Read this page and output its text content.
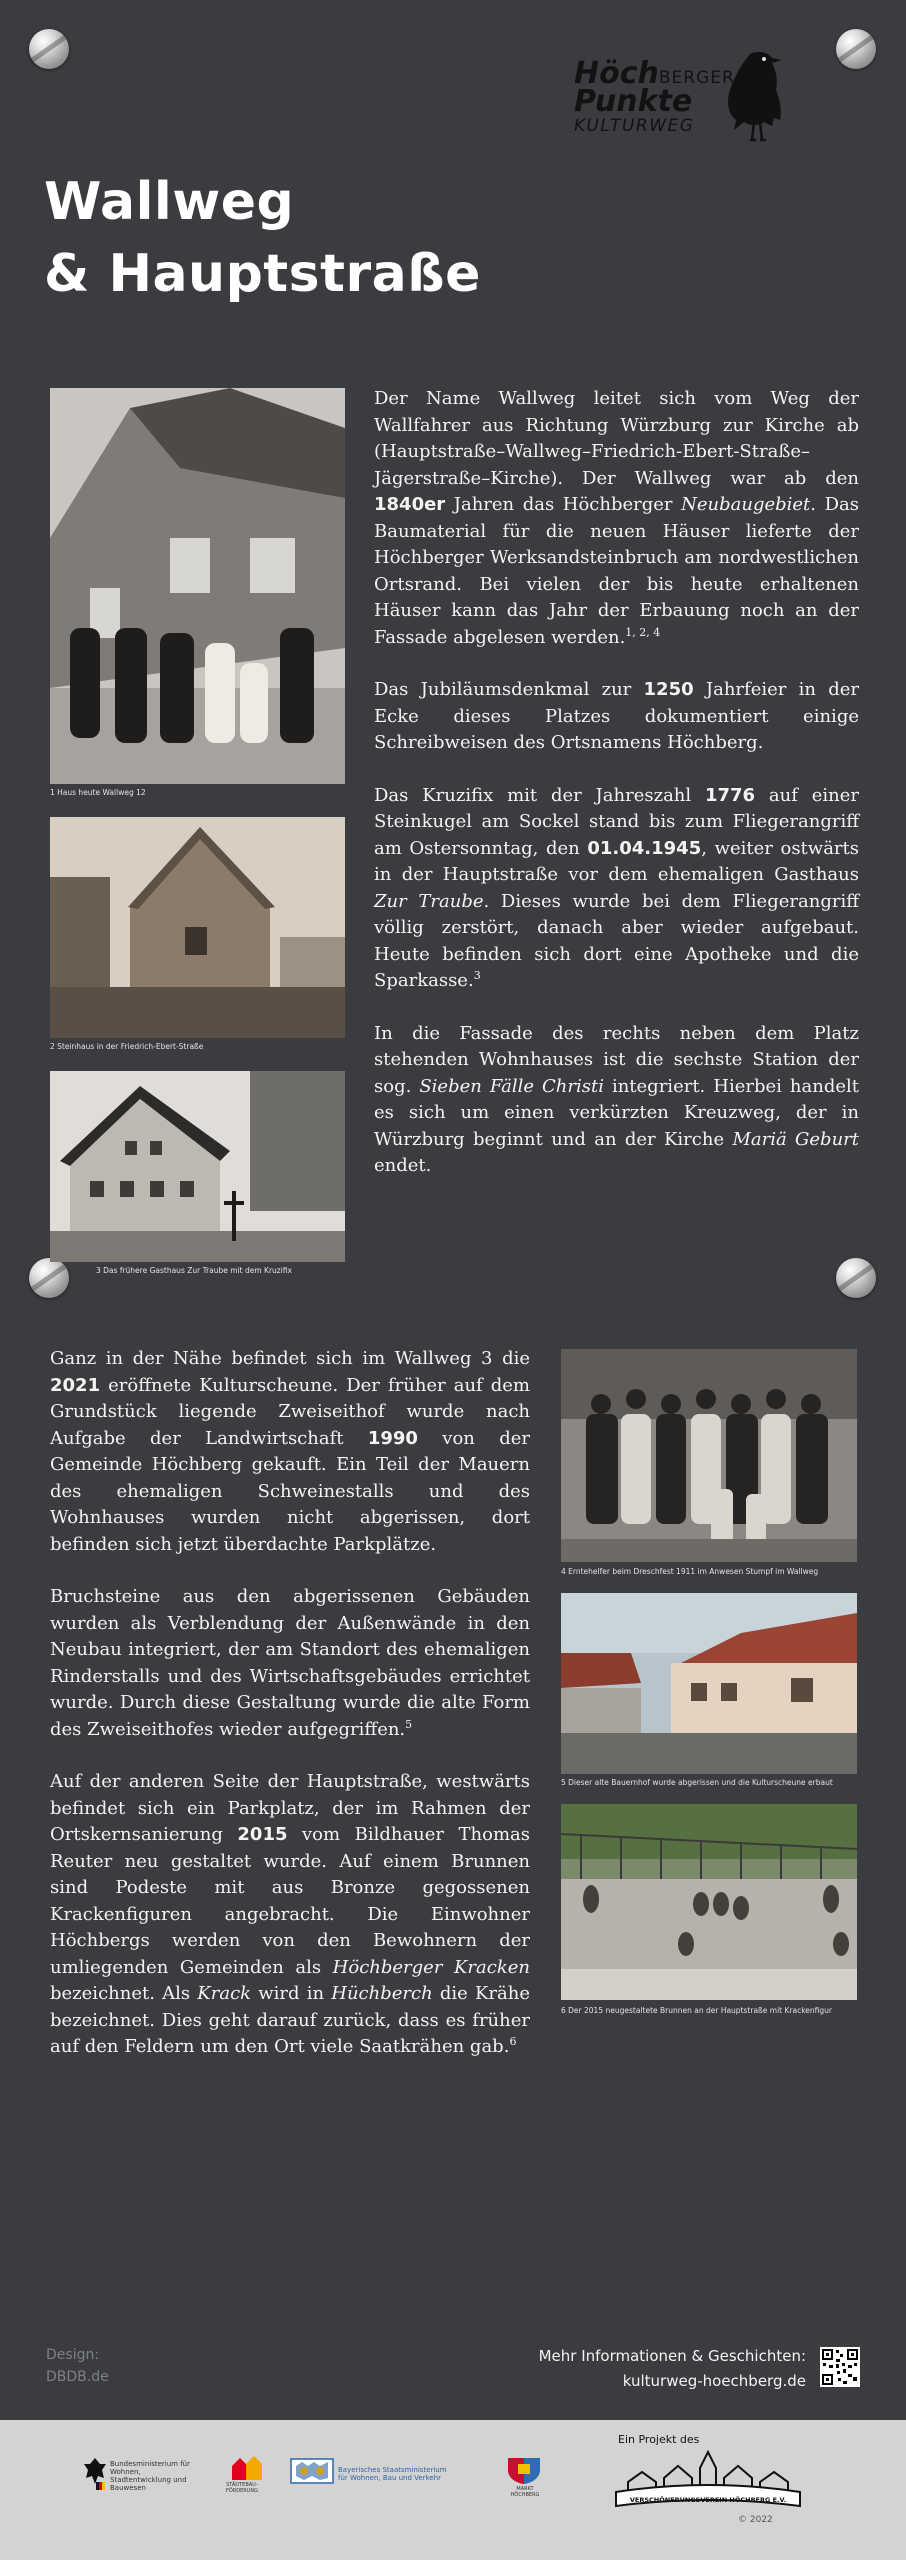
HöchBERGER
Punkte
KULTURWEG
Wallweg
& Hauptstraße
1 Haus heute Wallweg 12
2 Steinhaus in der Friedrich-Ebert-Straße
3 Das frühere Gasthaus Zur Traube mit dem Kruzifix

Der Name Wallweg leitet sich vom Weg der Wallfahrer aus Richtung Würzburg zur Kirche ab (Hauptstraße–Wallweg–Friedrich-Ebert-Straße–Jägerstraße–Kirche). Der Wallweg war ab den 1840er Jahren das Höchberger Neubaugebiet. Das Baumaterial für die neuen Häuser lieferte der Höchberger Werksandsteinbruch am nordwestlichen Ortsrand. Bei vielen der bis heute erhaltenen Häuser kann das Jahr der Erbauung noch an der Fassade abgelesen werden.$^{1, 2, 4}$

Das Jubiläumsdenkmal zur 1250 Jahrfeier in der Ecke dieses Platzes dokumentiert einige Schreibweisen des Ortsnamens Höchberg.

Das Kruzifix mit der Jahreszahl 1776 auf einer Steinkugel am Sockel stand bis zum Fliegerangriff am Ostersonntag, den 01.04.1945, weiter ostwärts in der Hauptstraße vor dem ehemaligen Gasthaus Zur Traube. Dieses wurde bei dem Fliegerangriff völlig zerstört, danach aber wieder aufgebaut. Heute befinden sich dort eine Apotheke und die Sparkasse.$^3$

In die Fassade des rechts neben dem Platz stehenden Wohnhauses ist die sechste Station der sog. Sieben Fälle Christi integriert. Hierbei handelt es sich um einen verkürzten Kreuzweg, der in Würzburg beginnt und an der Kirche Mariä Geburt endet.

Ganz in der Nähe befindet sich im Wallweg 3 die 2021 eröffnete Kulturscheune. Der früher auf dem Grundstück liegende Zweiseithof wurde nach Aufgabe der Landwirtschaft 1990 von der Gemeinde Höchberg gekauft. Ein Teil der Mauern des ehemaligen Schweinestalls und des Wohnhauses wurden nicht abgerissen, dort befinden sich jetzt überdachte Parkplätze.

Bruchsteine aus den abgerissenen Gebäuden wurden als Verblendung der Außenwände in den Neubau integriert, der am Standort des ehemaligen Rinderstalls und des Wirtschaftsgebäudes errichtet wurde. Durch diese Gestaltung wurde die alte Form des Zweiseithofes wieder aufgegriffen.$^5$

Auf der anderen Seite der Hauptstraße, westwärts befindet sich ein Parkplatz, der im Rahmen der Ortskernsanierung 2015 vom Bildhauer Thomas Reuter neu gestaltet wurde. Auf einem Brunnen sind Podeste mit aus Bronze gegossenen Krackenfiguren angebracht. Die Einwohner Höchbergs werden von den Bewohnern der umliegenden Gemeinden als Höchberger Kracken bezeichnet. Als Krack wird in Hüchberch die Krähe bezeichnet. Dies geht darauf zurück, dass es früher auf den Feldern um den Ort viele Saatkrähen gab.$^6$

4 Erntehelfer beim Dreschfest 1911 im Anwesen Stumpf im Wallweg
5 Dieser alte Bauernhof wurde abgerissen und die Kulturscheune erbaut
6 Der 2015 neugestaltete Brunnen an der Hauptstraße mit Krackenfigur
Design:
DBDB.de
Mehr Informationen & Geschichten:
kulturweg-hoechberg.de
Bundesministerium für Wohnen, Stadtentwicklung und Bauwesen	STÄDTEBAU-FÖRDERUNG
Bayerisches Staatsministerium für Wohnen, Bau und Verkehr
MARKT HÖCHBERG
Ein Projekt des
VERSCHÖNERUNGSVEREIN HÖCHBERG E.V.
© 2022
